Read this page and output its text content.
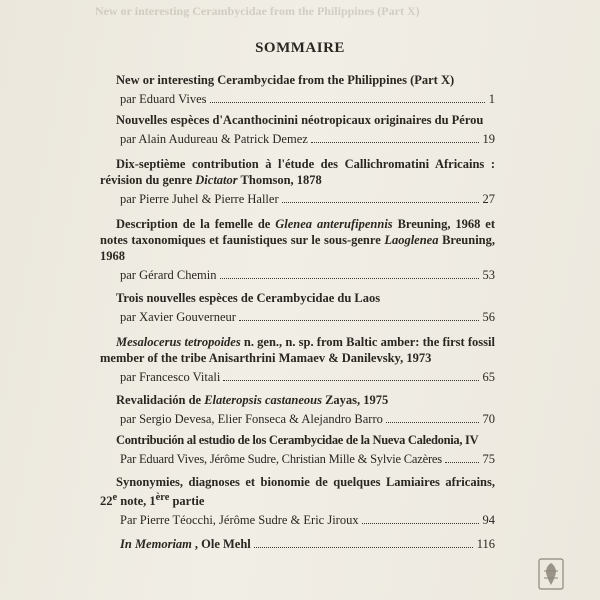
New or interesting Cerambycidae from the Philippines (Part X)
SOMMAIRE
New or interesting Cerambycidae from the Philippines (Part X)
par Eduard Vives	1
Nouvelles espèces d'Acanthocinini néotropicaux originaires du Pérou
par Alain Audureau & Patrick Demez	19
Dix-septième contribution à l'étude des Callichromatini Africains : révision du genre Dictator Thomson, 1878
par Pierre Juhel & Pierre Haller	27
Description de la femelle de Glenea anterufipennis Breuning, 1968 et notes taxonomiques et faunistiques sur le sous-genre Laoglenea Breuning, 1968
par Gérard Chemin	53
Trois nouvelles espèces de Cerambycidae du Laos
par Xavier Gouverneur	56
Mesalocerus tetropoides n. gen., n. sp. from Baltic amber: the first fossil member of the tribe Anisarthrini Mamaev & Danilevsky, 1973
par Francesco Vitali	65
Revalidación de Elateropsis castaneous Zayas, 1975
par Sergio Devesa, Elier Fonseca & Alejandro Barro	70
Contribución al estudio de los Cerambycidae de la Nueva Caledonia, IV
Par Eduard Vives, Jérôme Sudre, Christian Mille & Sylvie Cazères	75
Synonymies, diagnoses et bionomie de quelques Lamiaires africains, 22e note, 1ère partie
Par Pierre Téocchi, Jérôme Sudre & Eric Jiroux	94
In Memoriam , Ole Mehl	116
